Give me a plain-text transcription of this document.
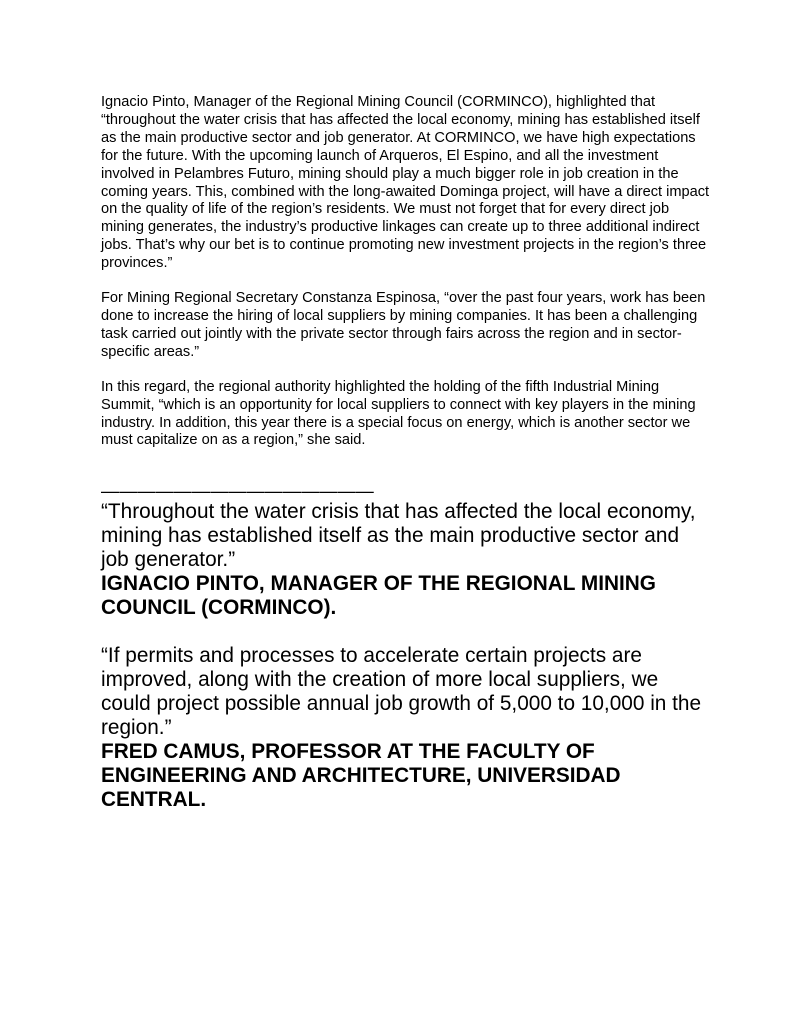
Ignacio Pinto, Manager of the Regional Mining Council (CORMINCO), highlighted that “throughout the water crisis that has affected the local economy, mining has established itself as the main productive sector and job generator. At CORMINCO, we have high expectations for the future. With the upcoming launch of Arqueros, El Espino, and all the investment involved in Pelambres Futuro, mining should play a much bigger role in job creation in the coming years. This, combined with the long-awaited Dominga project, will have a direct impact on the quality of life of the region’s residents. We must not forget that for every direct job mining generates, the industry’s productive linkages can create up to three additional indirect jobs. That’s why our bet is to continue promoting new investment projects in the region’s three provinces.”

For Mining Regional Secretary Constanza Espinosa, “over the past four years, work has been done to increase the hiring of local suppliers by mining companies. It has been a challenging task carried out jointly with the private sector through fairs across the region and in sector-specific areas.”

In this regard, the regional authority highlighted the holding of the fifth Industrial Mining Summit, “which is an opportunity for local suppliers to connect with key players in the mining industry. In addition, this year there is a special focus on energy, which is another sector we must capitalize on as a region,” she said.

———————————————

“Throughout the water crisis that has affected the local economy, mining has established itself as the main productive sector and job generator.”

IGNACIO PINTO, MANAGER OF THE REGIONAL MINING COUNCIL (CORMINCO).

“If permits and processes to accelerate certain projects are improved, along with the creation of more local suppliers, we could project possible annual job growth of 5,000 to 10,000 in the region.”

FRED CAMUS, PROFESSOR AT THE FACULTY OF ENGINEERING AND ARCHITECTURE, UNIVERSIDAD CENTRAL.
